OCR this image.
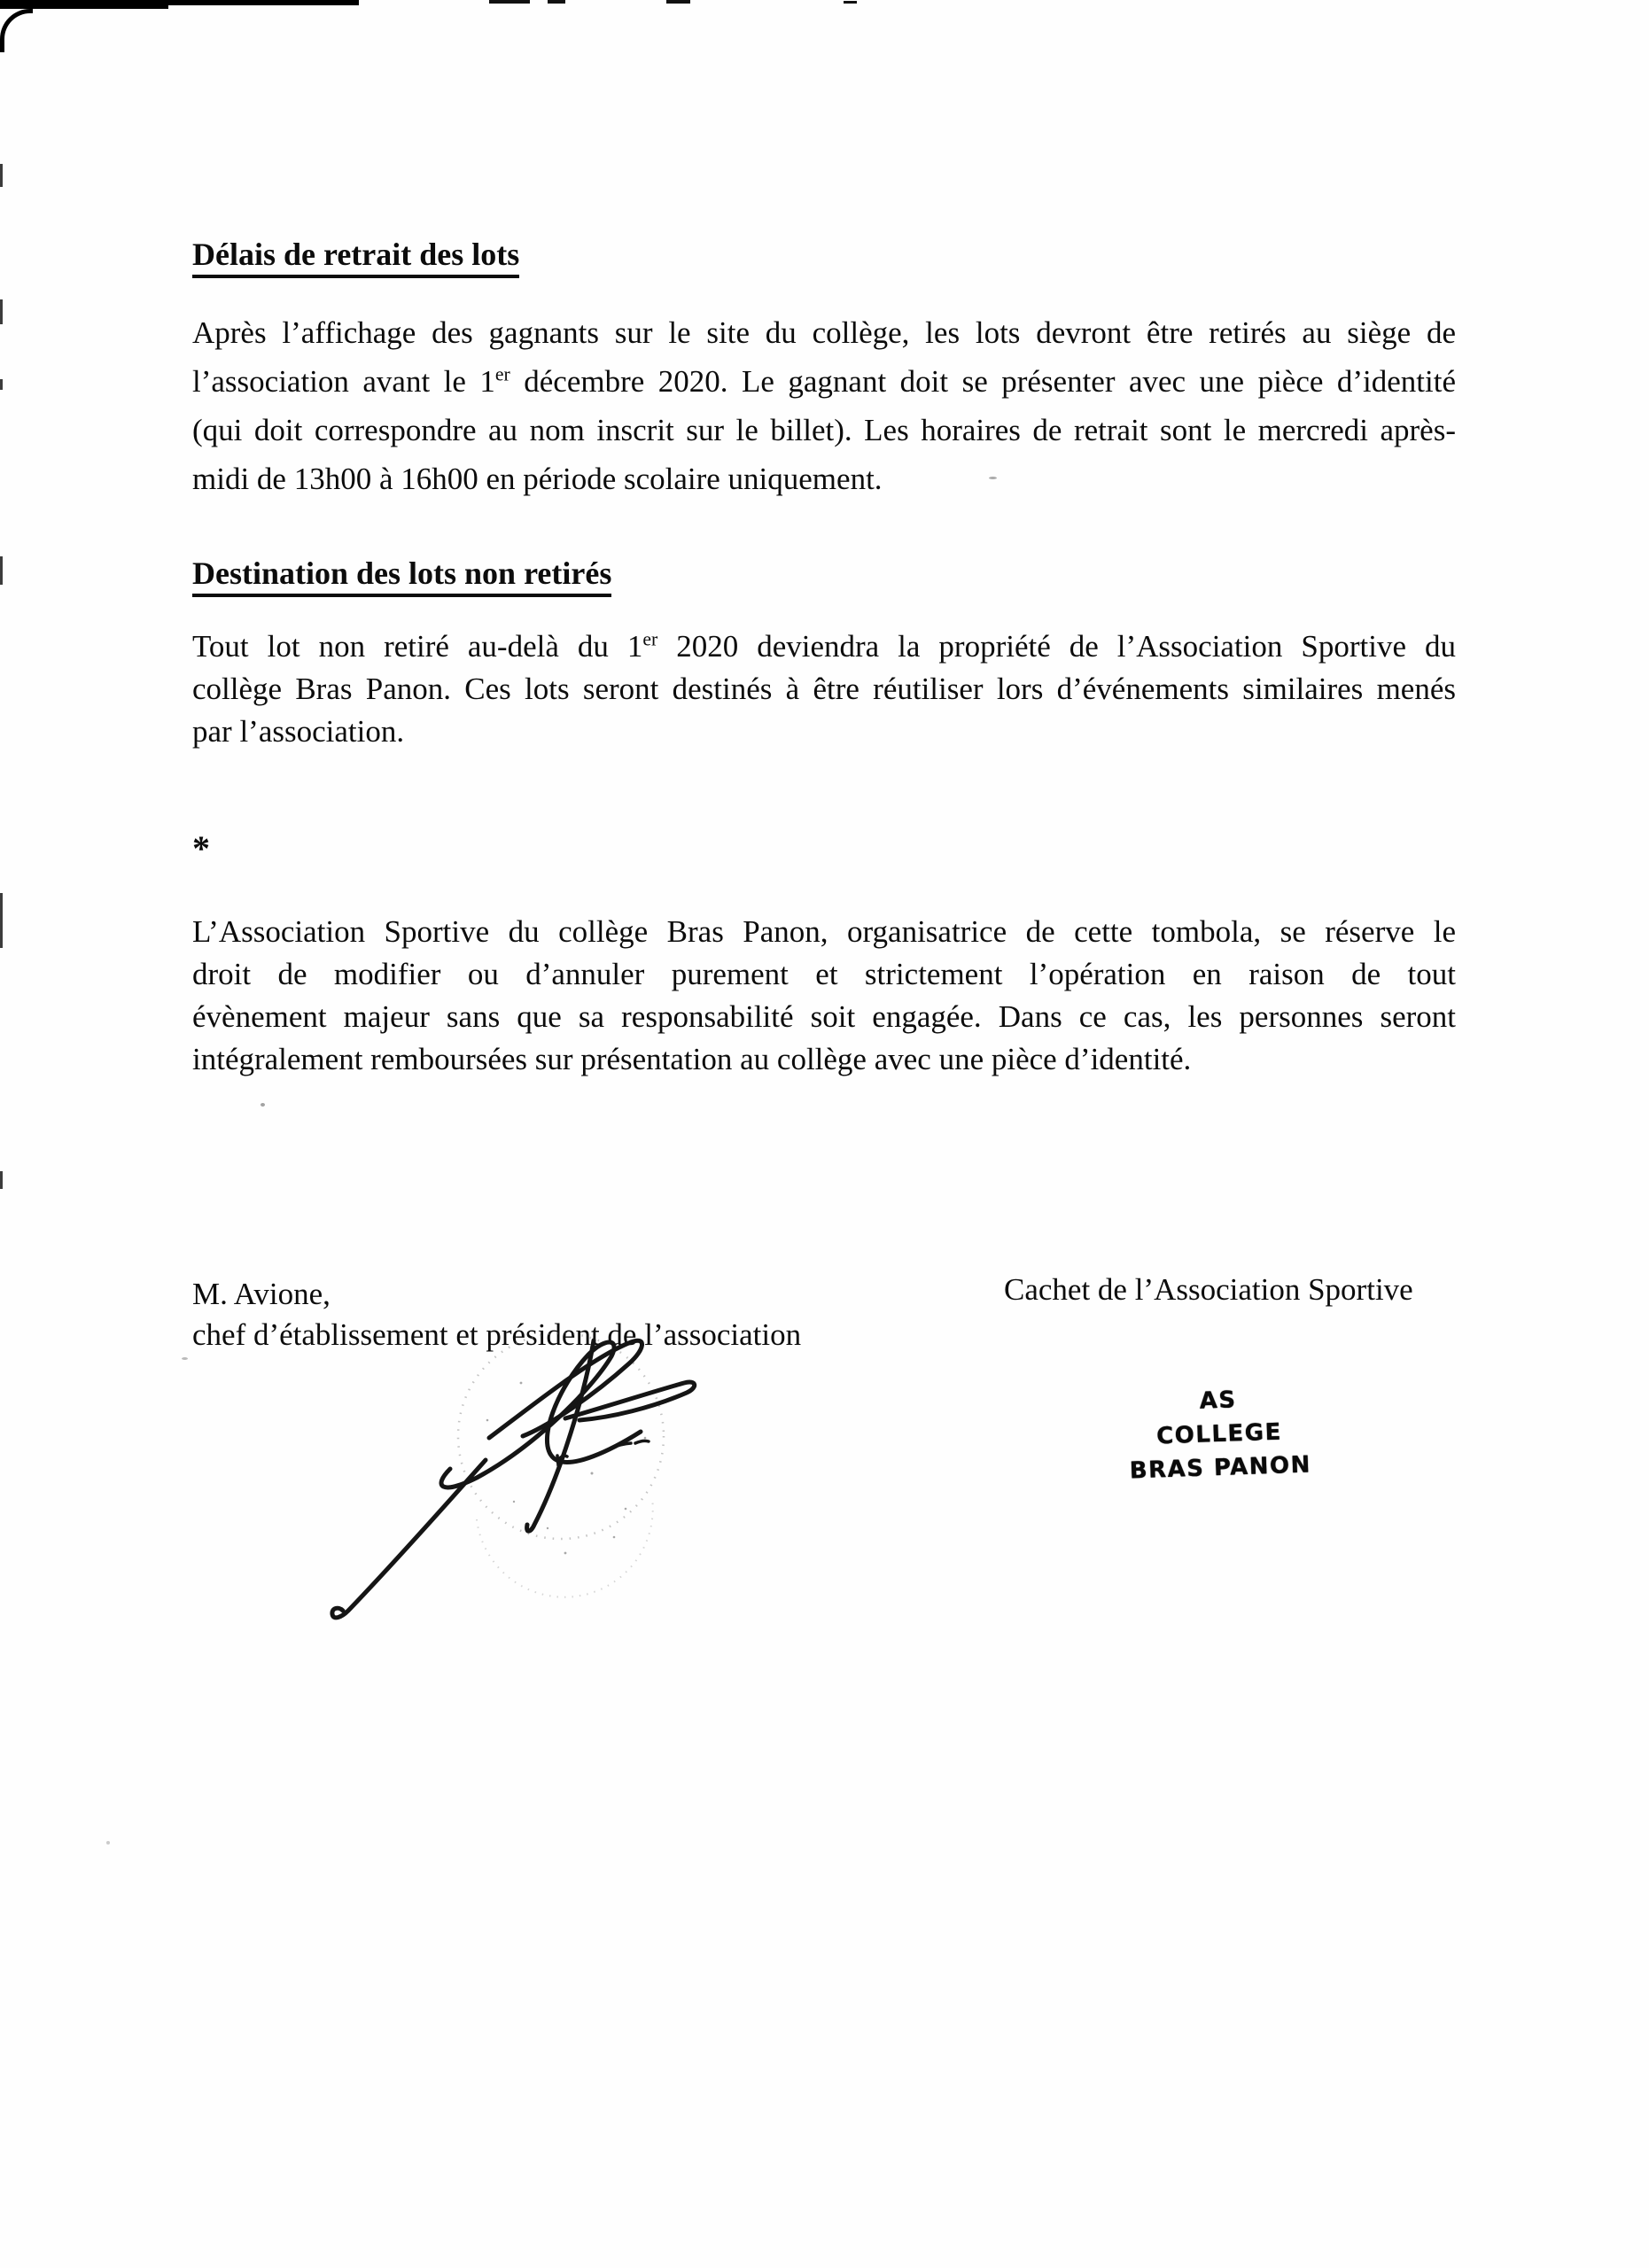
Délais de retrait des lots
Après l’affichage des gagnants sur le site du collège, les lots devront être retirés au siège de
l’association avant le 1er décembre 2020. Le gagnant doit se présenter avec une pièce d’identité
(qui doit correspondre au nom inscrit sur le billet). Les horaires de retrait sont le mercredi après-
midi de 13h00 à 16h00 en période scolaire uniquement.
Destination des lots non retirés
Tout lot non retiré au-delà du 1er 2020 deviendra la propriété de l’Association Sportive du
collège Bras Panon. Ces lots seront destinés à être réutiliser lors d’événements similaires menés
par l’association.
*
L’Association Sportive du collège Bras Panon, organisatrice de cette tombola, se réserve le
droit de modifier ou d’annuler purement et strictement l’opération en raison de tout
évènement majeur sans que sa responsabilité soit engagée. Dans ce cas, les personnes seront
intégralement remboursées sur présentation au collège avec une pièce d’identité.
M. Avione,
chef d’établissement et président de l’association
Cachet de l’Association Sportive
AS
COLLEGE
BRAS PANON
